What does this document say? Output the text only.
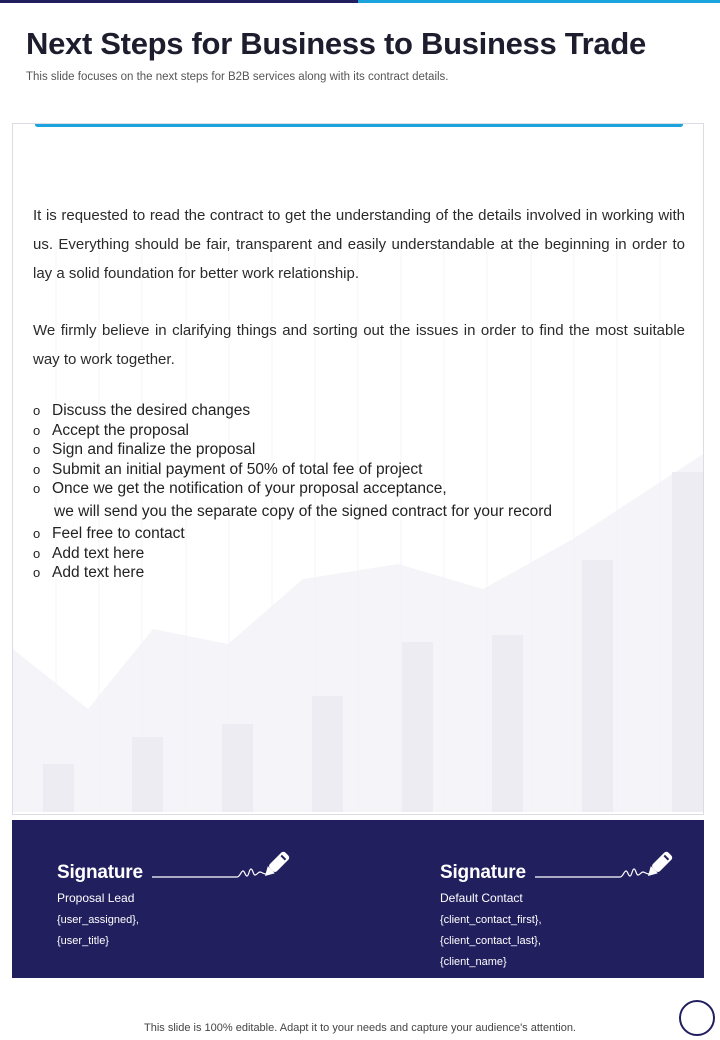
Next Steps for Business to Business Trade
This slide focuses on the next steps for B2B services along with its contract details.

It is requested to read the contract to get the understanding of the details involved in working with us. Everything should be fair, transparent and easily understandable at the beginning in order to lay a solid foundation for better work relationship.

We firmly believe in clarifying things and sorting out the issues in order to find the most suitable way to work together.

o Discuss the desired changes
o Accept the proposal
o Sign and finalize the proposal
o Submit an initial payment of 50% of total fee of project
o Once we get the notification of your proposal acceptance,
we will send you the separate copy of the signed contract for your record
o Feel free to contact
o Add text here
o Add text here
Signature
Proposal Lead
{user_assigned},
{user_title}
Signature
Default Contact
{client_contact_first},
{client_contact_last},
{client_name}
This slide is 100% editable. Adapt it to your needs and capture your audience's attention.
